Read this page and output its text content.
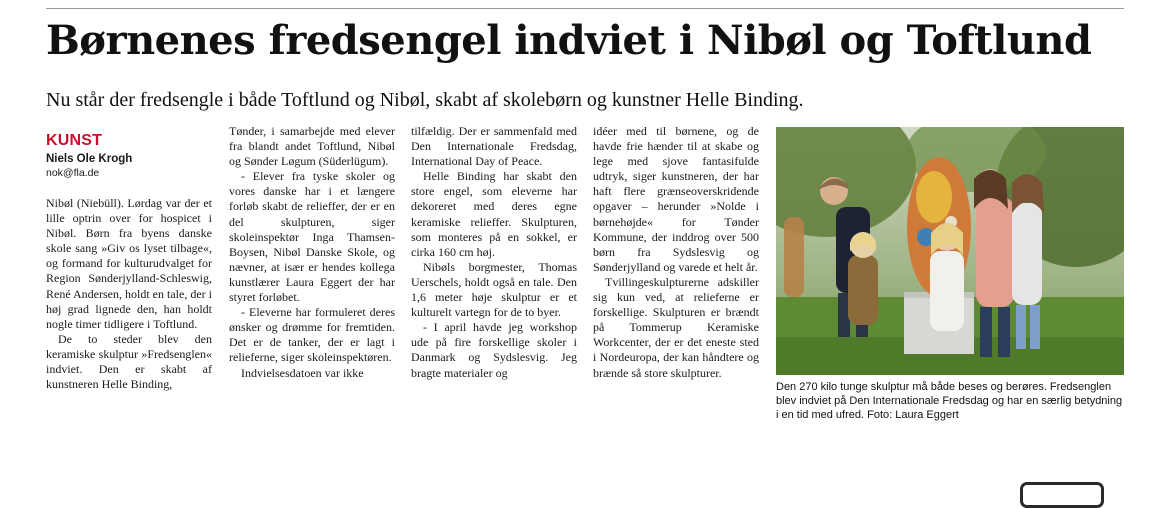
Børnenes fredsengel indviet i Nibøl og Toftlund

Nu står der fredsengle i både Toftlund og Nibøl, skabt af skolebørn og kunstner Helle Binding.

KUNST
Niels Ole Krogh
nok@fla.de

Nibøl (Niebüll). Lørdag var der et lille optrin over for hospicet i Nibøl. Børn fra byens danske skole sang »Giv os lyset tilbage«, og formand for kulturudvalget for Region Sønderjylland-Schleswig, René Andersen, holdt en tale, der i høj grad lignede den, han holdt nogle timer tidligere i Toftlund.

De to steder blev den keramiske skulptur »Fredsenglen« indviet. Den er skabt af kunstneren Helle Binding,

Tønder, i samarbejde med elever fra blandt andet Toftlund, Nibøl og Sønder Løgum (Süderlügum).

- Elever fra tyske skoler og vores danske har i et længere forløb skabt de relieffer, der er en del skulpturen, siger skoleinspektør Inga Thamsen-Boysen, Nibøl Danske Skole, og nævner, at især er hendes kollega kunstlærer Laura Eggert der har styret forløbet.

- Eleverne har formuleret deres ønsker og drømme for fremtiden. Det er de tanker, der er lagt i relieferne, siger skoleinspektøren.

Indvielsesdatoen var ikke

tilfældig. Der er sammenfald med Den Internationale Fredsdag, International Day of Peace.

Helle Binding har skabt den store engel, som eleverne har dekoreret med deres egne keramiske relieffer. Skulpturen, som monteres på en sokkel, er cirka 160 cm høj.

Nibøls borgmester, Thomas Uerschels, holdt også en tale. Den 1,6 meter høje skulptur er et kulturelt vartegn for de to byer.

- I april havde jeg workshop ude på fire forskellige skoler i Danmark og Sydslesvig. Jeg bragte materialer og

idéer med til børnene, og de havde frie hænder til at skabe og lege med sjove fantasifulde udtryk, siger kunstneren, der har haft flere grænseoverskridende opgaver – herunder »Nolde i børnehøjde« for Tønder Kommune, der inddrog over 500 børn fra Sydslesvig og Sønderjylland og varede et helt år.

Tvillingeskulpturerne adskiller sig kun ved, at relieferne er forskellige. Skulpturen er brændt på Tommerup Keramiske Workcenter, der er det eneste sted i Nordeuropa, der kan håndtere og brænde så store skulpturer.

Den 270 kilo tunge skulptur må både beses og berøres. Fredsenglen blev indviet på Den Internationale Fredsdag og har en særlig betydning i en tid med ufred. Foto: Laura Eggert
